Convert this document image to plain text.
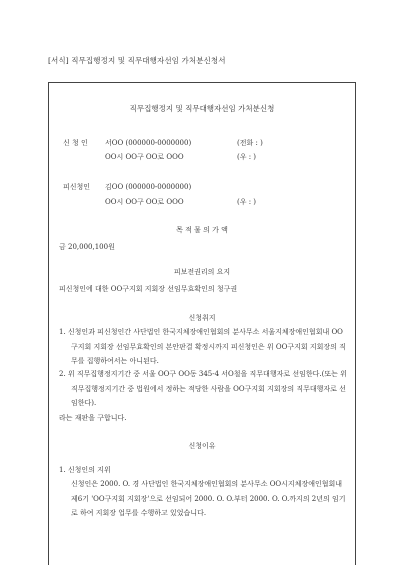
[서식] 직무집행정지 및 직무대행자선임 가처분신청서
직무집행정지 및 직무대행자선임 가처분신청
신 청 인 서OO (000000-0000000)	(전화 : )
OO시 OO구 OO로 OOO	(우 : )
피신청인 김OO (000000-0000000)
OO시 OO구 OO로 OOO	(우 : )
목 적 물 의 가 액
금 20,000,100원
피보전권리의 요지
피신청인에 대한 OO구지회 지회장 선임무효확인의 청구권
신청취지
1. 신청인과 피신청인간 사단법인 한국지체장애인협회의 분사무소 서울지체장애인협회내 OO구지회 지회장 선임무효확인의 본안판결 확정시까지 피신청인은 위 OO구지회 지회장의 직무를 집행하여서는 아니된다.
2. 위 직무집행정지기간 중 서울 OO구 OO동 345-4 서O철을 직무대행자로 선임한다.(또는 위 직무집행정지기간 중 법원에서 정하는 적당한 사람을 OO구지회 지회장의 직무대행자로 선임한다).
라는 재판을 구합니다.
신청이유
1. 신청인의 지위
신청인은 2000. O. 경 사단법인 한국지체장애인협회의 분사무소 OO시지체장애인협회내 제6기 'OO구지회 지회장'으로 선임되어 2000. O. O.부터 2000. O. O.까지의 2년의 임기로 하여 지회장 업무를 수행하고 있었습니다.
